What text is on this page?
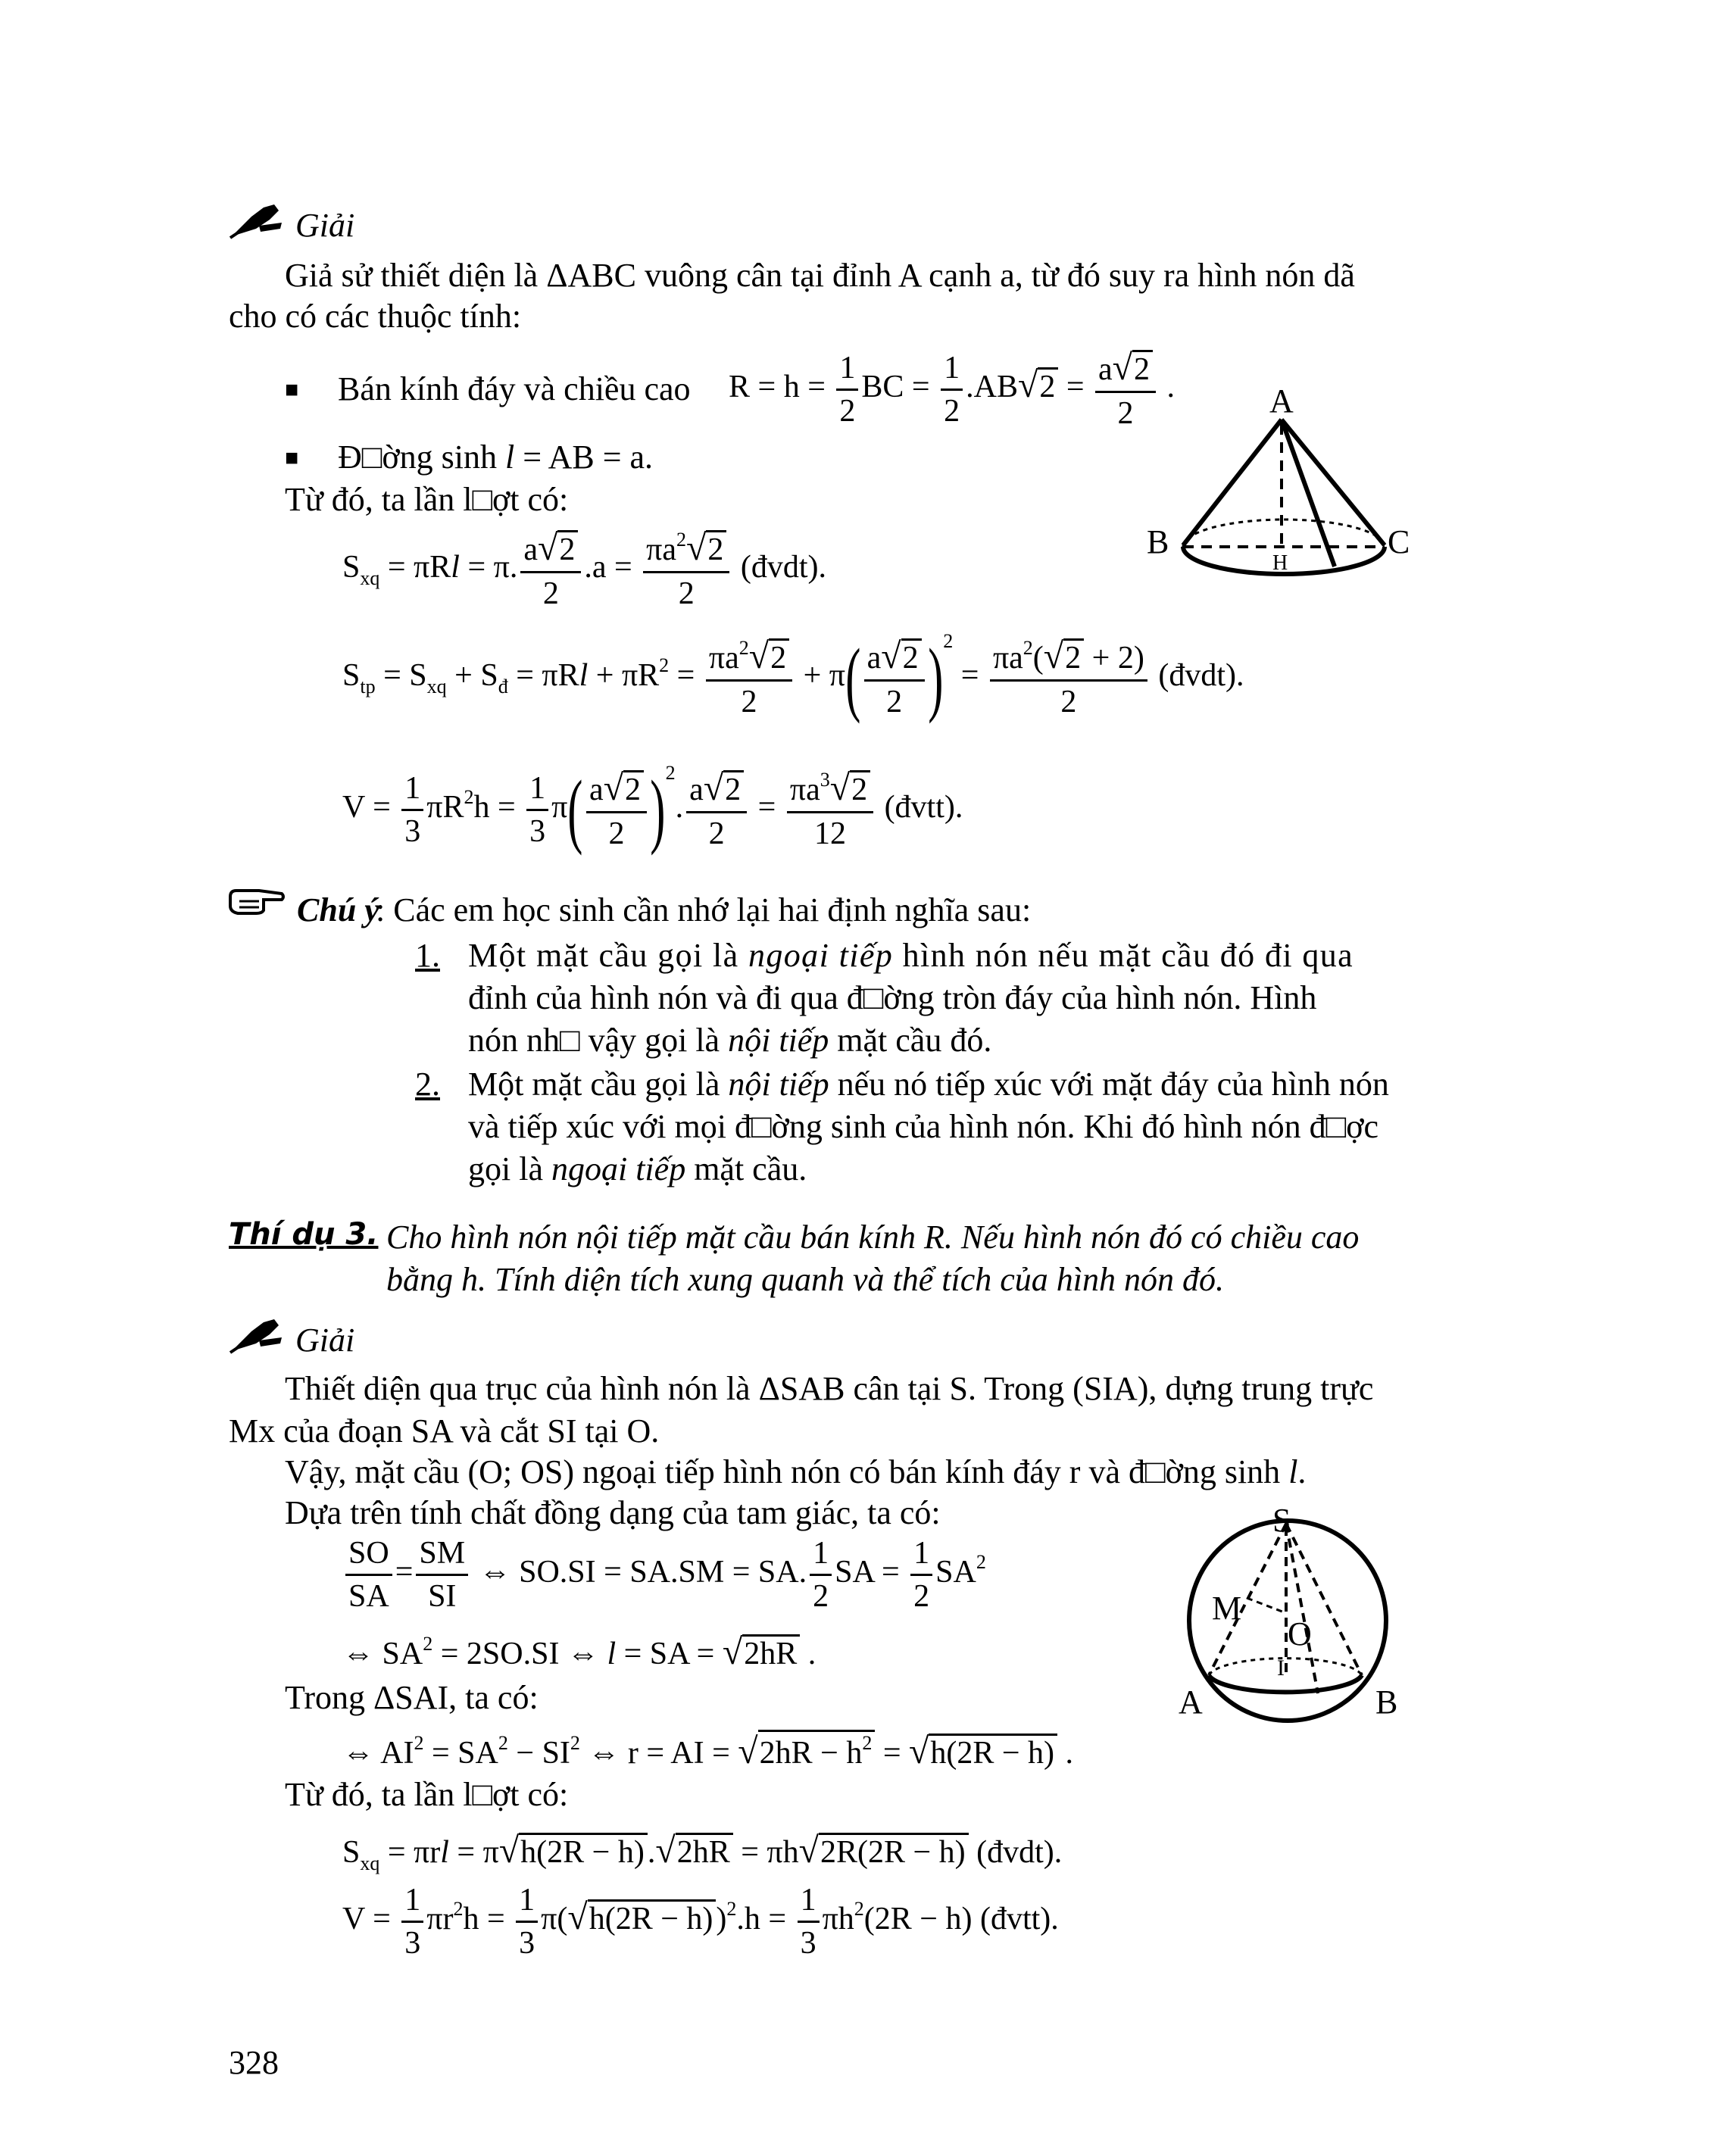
Giải
Giả sử thiết diện là ΔABC vuông cân tại đỉnh A cạnh a, từ đó suy ra hình nón dã
cho có các thuộc tính:
■ Bán kính đáy và chiều cao $R = h = \frac{1}{2}$ BC = $\frac{1}{2} .AB√2 = \frac{a√2}{2}$ .
■ Đ□ờng sinh l = AB = a.
Từ đó, ta lần l□ợt có:
$S_{xq} = \pi Rl = \pi$. $\frac{a√2}{2} .a = \frac{\pi a^2√2}{2}$ (đvdt).
$S_{tp} = S_{xq} + S_đ = \pi Rl + \pi R^2 = \frac{\pi a^2√2}{2} + \pi( \frac{a√2}{2} )^2 = \frac{\pi a^2(√2 + 2)}{2}$ (đvdt).
$V = \frac{1}{3} \pi R^2h = \frac{1}{3} \pi( \frac{a√2}{2} )^2$. $\frac{a√2}{2} = \frac{\pi a^3√2}{12}$ (đvtt).
A
B	C
H
Chú ý
: Các em học sinh cần nhớ lại hai định nghĩa sau:
1. Một mặt cầu gọi là ngoại tiếp hình nón nếu mặt cầu đó đi qua
đỉnh của hình nón và đi qua đ□ờng tròn đáy của hình nón. Hình
nón nh□ vậy gọi là nội tiếp mặt cầu đó.
2. Một mặt cầu gọi là nội tiếp nếu nó tiếp xúc với mặt đáy của hình nón
và tiếp xúc với mọi đ□ờng sinh của hình nón. Khi đó hình nón đ□ợc
gọi là ngoại tiếp mặt cầu.
Thí dụ 3. Cho hình nón nội tiếp mặt cầu bán kính R. Nếu hình nón đó có chiều cao
bằng h. Tính diện tích xung quanh và thể tích của hình nón đó.
Giải
Thiết diện qua trục của hình nón là ΔSAB cân tại S. Trong (SIA), dựng trung trực
Mx của đoạn SA và cắt SI tại O.
Vậy, mặt cầu (O; OS) ngoại tiếp hình nón có bán kính đáy r và đ□ờng sinh l.
Dựa trên tính chất đồng dạng của tam giác, ta có:
$\frac{SO}{SA} = \frac{SM}{SI}$ ⇔ SO.SI = SA.SM = SA. $\frac{1}{2}$ SA = $\frac{1}{2} SA^2$
⇔ $SA^2 = 2SO.SI$ ⇔ l = SA = √2hR .
Trong ΔSAI, ta có:
⇔ $AI^2 = SA^2 - SI^2$ ⇔ r = AI = $√2hR - h^2 = √h(2R - h)$ .
Từ đó, ta lần l□ợt có:
$S_{xq} = \pi rl = \pi√h(2R - h).√2hR = \pi h√2R(2R - h)$ (đvdt).
$V = \frac{1}{3} \pi r^2h = \frac{1}{3} \pi(√h(2R - h))^2.h = \frac{1}{3} \pi h^2(2R - h)$ (đvtt).
S
M
O
I
A	B
328
